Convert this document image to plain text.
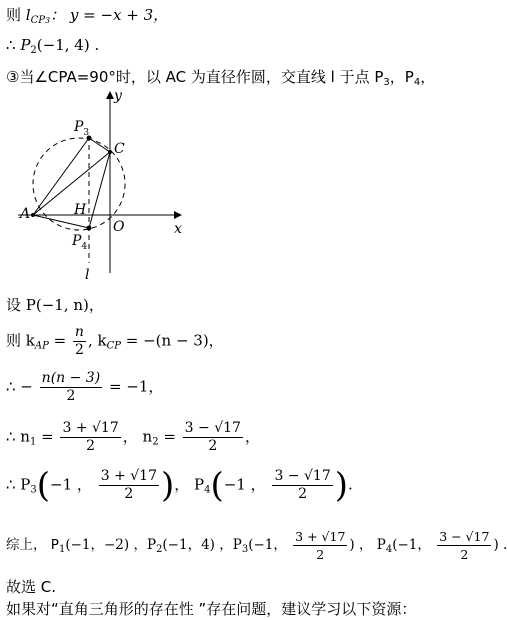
则 $l_{CP3}$： y = −x + 3，
∴ $P_2(-1$, 4) .
③当∠CPA=90°时，以 AC 为直径作圆，交直线 l 于点 $P_3$，$P_4$，
y
x
O
A
C
H
$P_3$
$P_4$
l
设 P(−1, n)，
则 $k_{AP} = \frac{n}{2}$ , $k_{CP} = -(n - 3)$，
∴ − $\frac{n(n - 3)}{2} = -1$，
∴ $n_1 = \frac{3 + √17}{2}$ ， $n_2 = \frac{3 - √17}{2}$ ，
∴ $P_3(-1$ ， $\frac{3 + √17}{2}$ )， $P_4(-1$ ， $\frac{3 - √17}{2}$ ).
综上， $P_1(-1$，−2) ，$P_2(-1$，4) ，$P_3(-1$， $\frac{3 + √17}{2}$ ) ， $P_4(-1$， $\frac{3 - √17}{2}$ ) .
故选 C.
如果对“直角三角形的存在性 ”存在问题，建议学习以下资源：
